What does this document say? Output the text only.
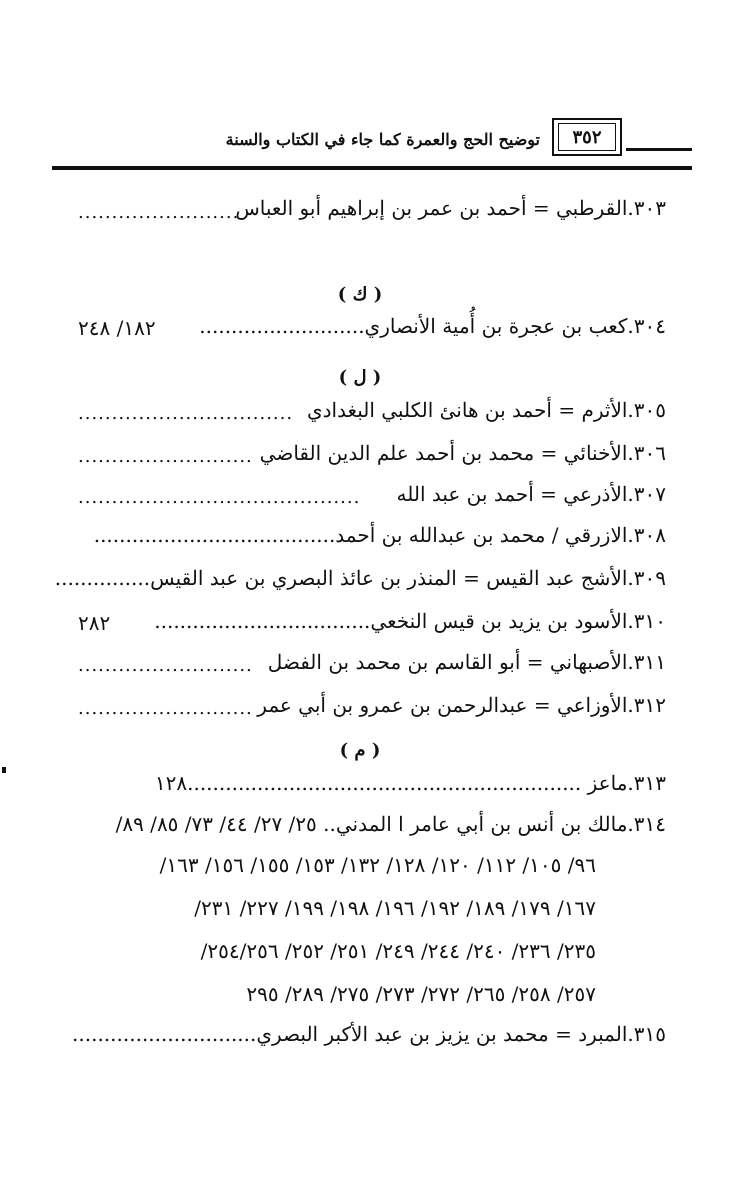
توضيح الحج والعمرة كما جاء في الكتاب والسنة	٣٥٢
٣٠٣.القرطبي = أحمد بن عمر بن إبراهيم أبو العباس
........................
( ك )
٣٠٤.كعب بن عجرة بن أُمية الأنصاري..........................
١٨٢/ ٢٤٨
( ل )
٣٠٥.الأثرم = أحمد بن هانئ الكلبي البغدادي
................................
٣٠٦.الأخنائي = محمد بن أحمد علم الدين القاضي
..........................
٣٠٧.الأذرعي = أحمد بن عبد الله
..........................................
٣٠٨.الازرقي / محمد بن عبدالله بن أحمد......................................
٣٠٩.الأشج عبد القيس = المنذر بن عائذ البصري بن عبد القيس...............
٣١٠.الأسود بن يزيد بن قيس النخعي..................................
٢٨٢
٣١١.الأصبهاني = أبو القاسم بن محمد بن الفضل
..........................
٣١٢.الأوزاعي = عبدالرحمن بن عمرو بن أبي عمر
..........................
( م )
٣١٣.ماعز ..............................................................١٢٨
٣١٤.مالك بن أنس بن أبي عامر ا المدني.. ٢٥/ ٢٧/ ٤٤/ ٧٣/ ٨٥/ ٨٩/
٩٦/ ١٠٥/ ١١٢/ ١٢٠/ ١٢٨/ ١٣٢/ ١٥٣/ ١٥٥/ ١٥٦/ ١٦٣/
١٦٧/ ١٧٩/ ١٨٩/ ١٩٢/ ١٩٦/ ١٩٨/ ١٩٩/ ٢٢٧/ ٢٣١/
٢٣٥/ ٢٣٦/ ٢٤٠/ ٢٤٤/ ٢٤٩/ ٢٥١/ ٢٥٢/ ٢٥٤/٢٥٦/
٢٥٧/ ٢٥٨/ ٢٦٥/ ٢٧٢/ ٢٧٣/ ٢٧٥/ ٢٨٩/ ٢٩٥
٣١٥.المبرد = محمد بن يزيز بن عبد الأكبر البصري.............................
